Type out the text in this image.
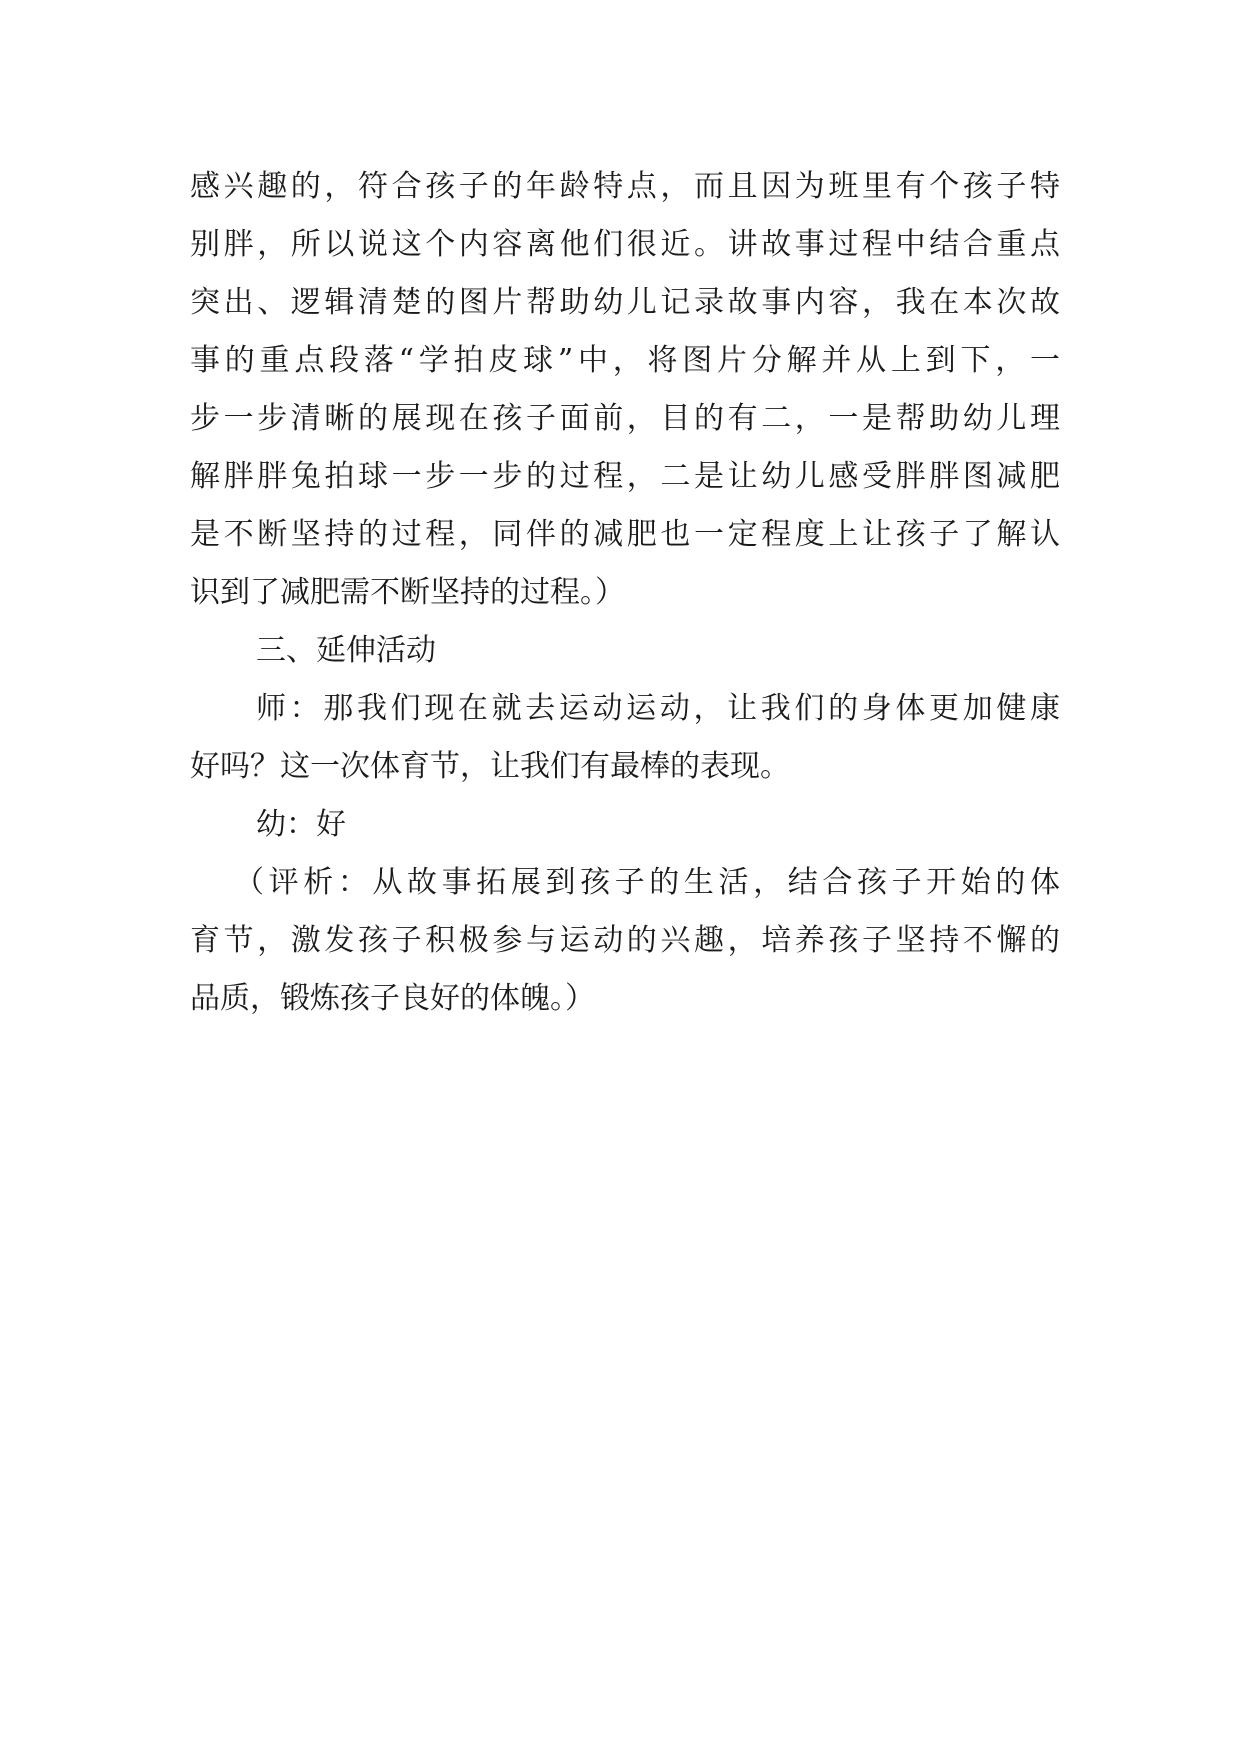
感兴趣的，符合孩子的年龄特点，而且因为班里有个孩子特
别胖，所以说这个内容离他们很近。讲故事过程中结合重点
突出、逻辑清楚的图片帮助幼儿记录故事内容，我在本次故
事的重点段落“学拍皮球”中，将图片分解并从上到下，一
步一步清晰的展现在孩子面前，目的有二，一是帮助幼儿理
解胖胖兔拍球一步一步的过程，二是让幼儿感受胖胖图减肥
是不断坚持的过程，同伴的减肥也一定程度上让孩子了解认
识到了减肥需不断坚持的过程。）
三、延伸活动
师：那我们现在就去运动运动，让我们的身体更加健康
好吗？这一次体育节，让我们有最棒的表现。
幼：好
（评析：从故事拓展到孩子的生活，结合孩子开始的体
育节，激发孩子积极参与运动的兴趣，培养孩子坚持不懈的
品质，锻炼孩子良好的体魄。）
